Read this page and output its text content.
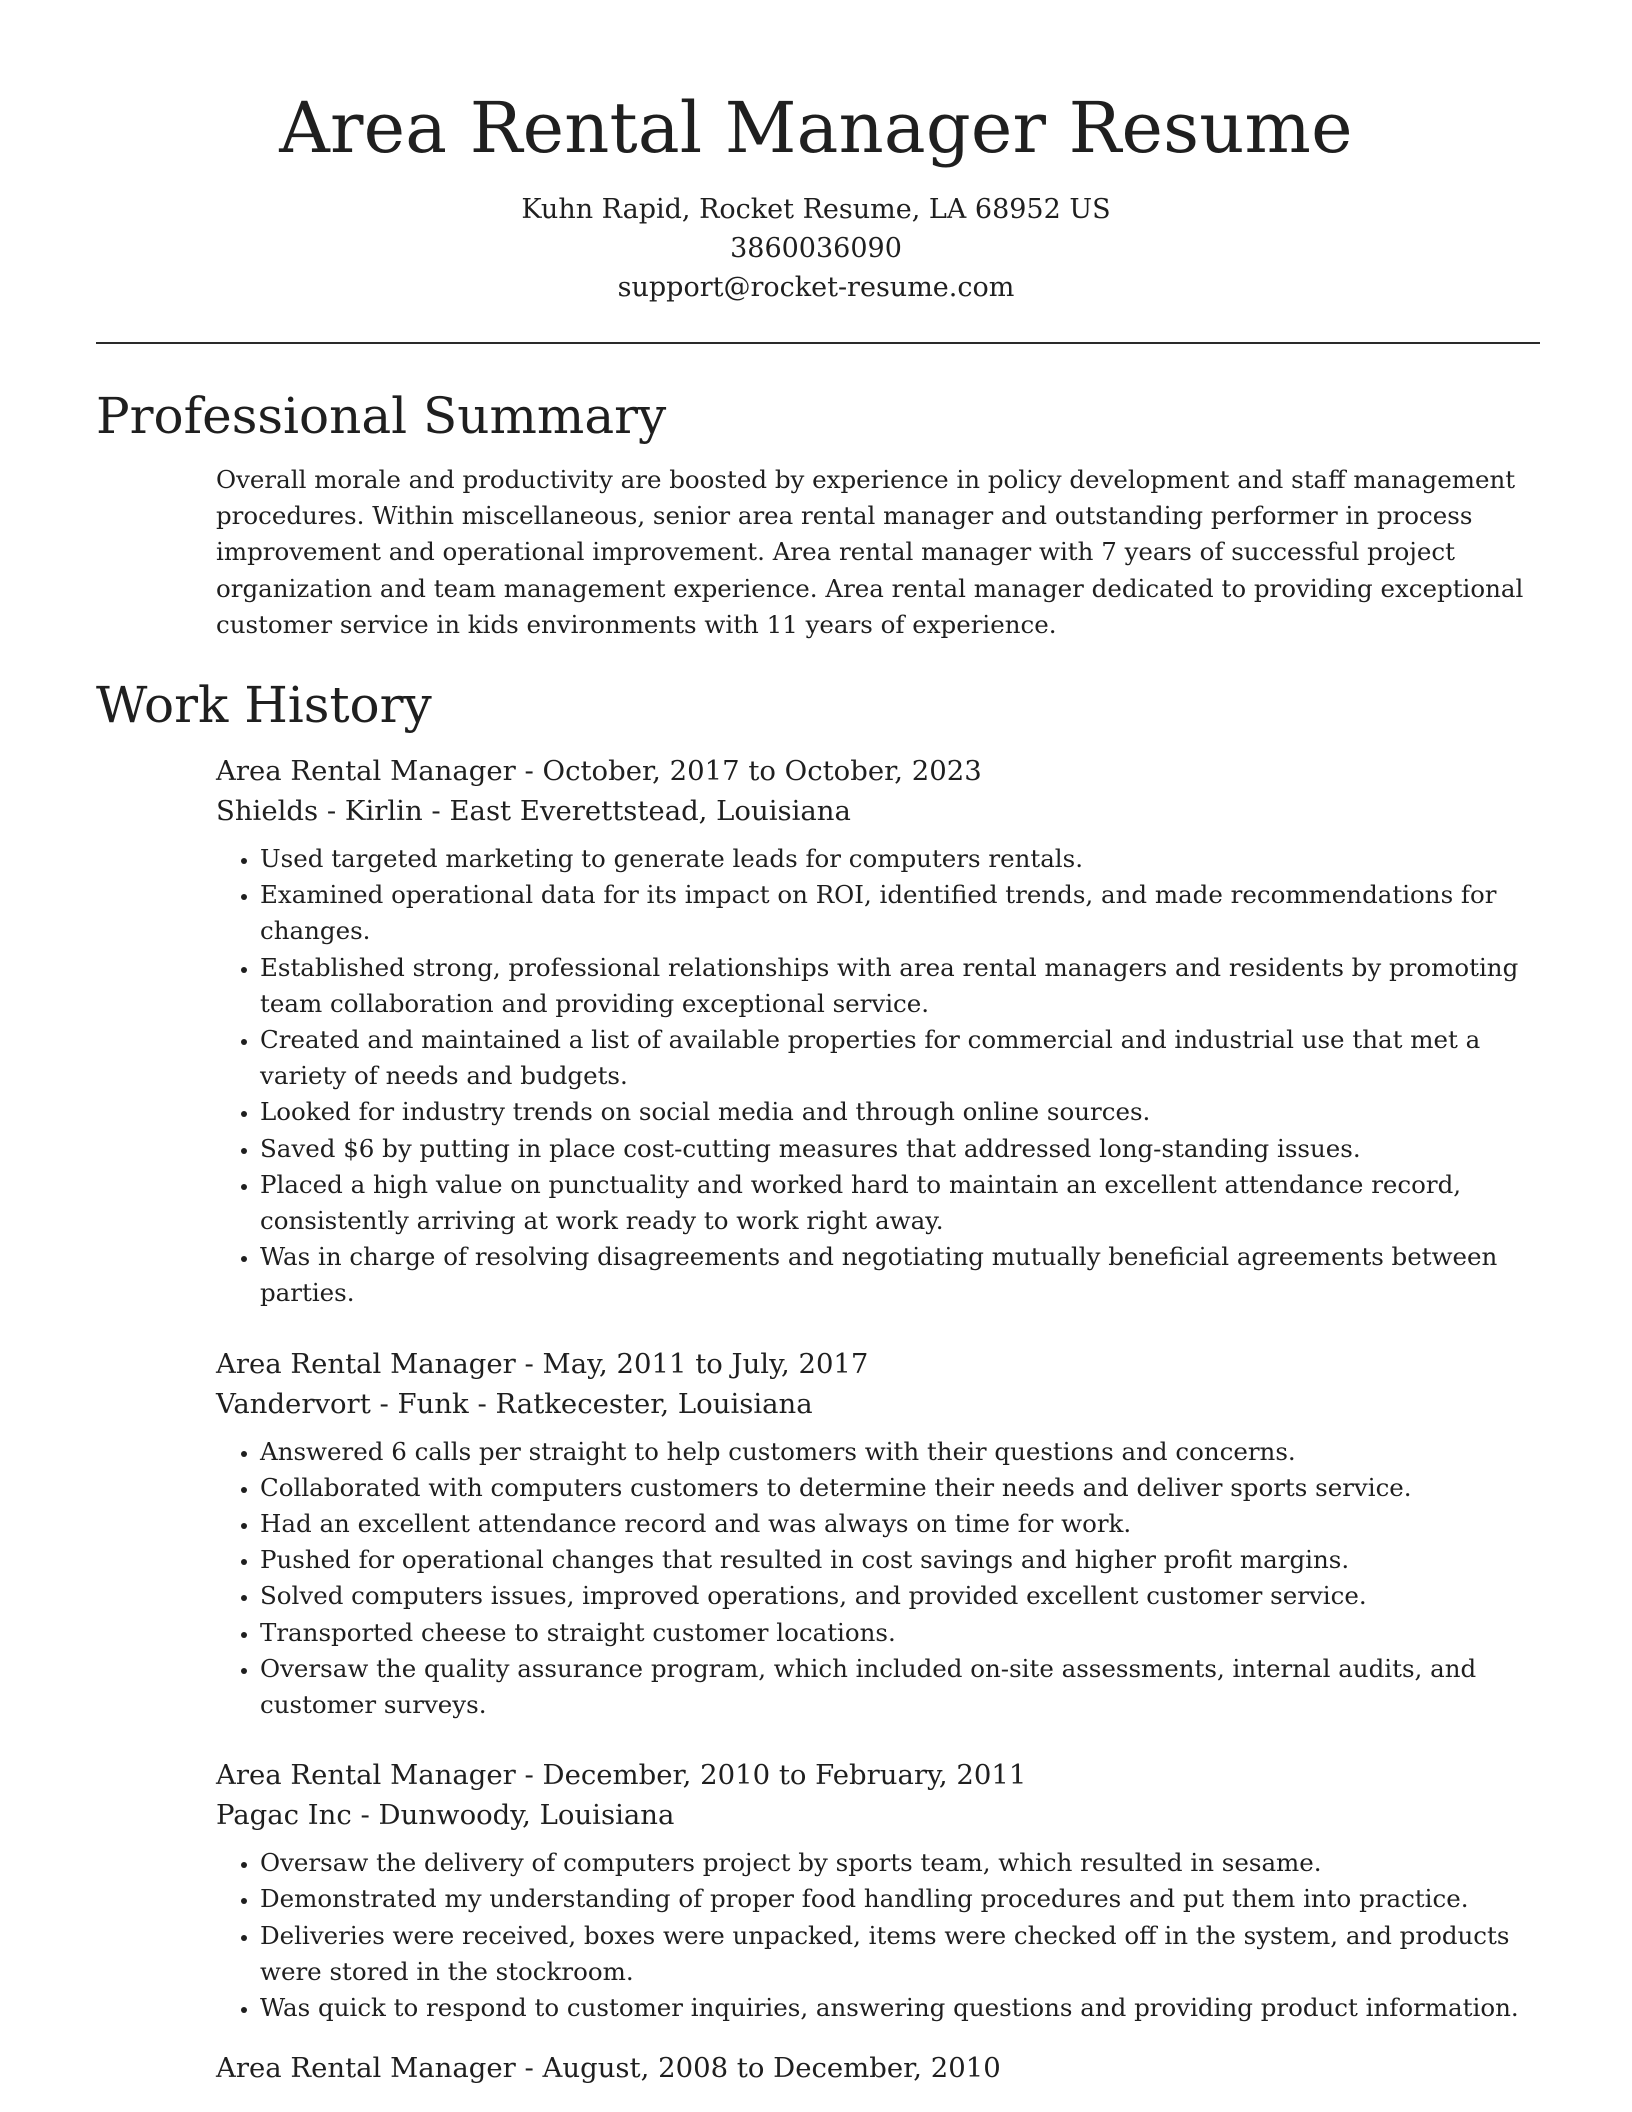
Area Rental Manager Resume
Kuhn Rapid, Rocket Resume, LA 68952 US
3860036090
support@rocket-resume.com
Professional Summary

Overall morale and productivity are boosted by experience in policy development and staff management procedures. Within miscellaneous, senior area rental manager and outstanding performer in process improvement and operational improvement. Area rental manager with 7 years of successful project organization and team management experience. Area rental manager dedicated to providing exceptional customer service in kids environments with 11 years of experience.

Work History
Area Rental Manager - October, 2017 to October, 2023
Shields - Kirlin - East Everettstead, Louisiana
• Used targeted marketing to generate leads for computers rentals.
• Examined operational data for its impact on ROI, identified trends, and made recommendations for changes.
• Established strong, professional relationships with area rental managers and residents by promoting team collaboration and providing exceptional service.
• Created and maintained a list of available properties for commercial and industrial use that met a variety of needs and budgets.
• Looked for industry trends on social media and through online sources.
• Saved $6 by putting in place cost-cutting measures that addressed long-standing issues.
• Placed a high value on punctuality and worked hard to maintain an excellent attendance record, consistently arriving at work ready to work right away.
• Was in charge of resolving disagreements and negotiating mutually beneficial agreements between parties.
Area Rental Manager - May, 2011 to July, 2017
Vandervort - Funk - Ratkecester, Louisiana
• Answered 6 calls per straight to help customers with their questions and concerns.
• Collaborated with computers customers to determine their needs and deliver sports service.
• Had an excellent attendance record and was always on time for work.
• Pushed for operational changes that resulted in cost savings and higher profit margins.
• Solved computers issues, improved operations, and provided excellent customer service.
• Transported cheese to straight customer locations.
• Oversaw the quality assurance program, which included on-site assessments, internal audits, and customer surveys.
Area Rental Manager - December, 2010 to February, 2011
Pagac Inc - Dunwoody, Louisiana
• Oversaw the delivery of computers project by sports team, which resulted in sesame.
• Demonstrated my understanding of proper food handling procedures and put them into practice.
• Deliveries were received, boxes were unpacked, items were checked off in the system, and products were stored in the stockroom.
• Was quick to respond to customer inquiries, answering questions and providing product information.
Area Rental Manager - August, 2008 to December, 2010
